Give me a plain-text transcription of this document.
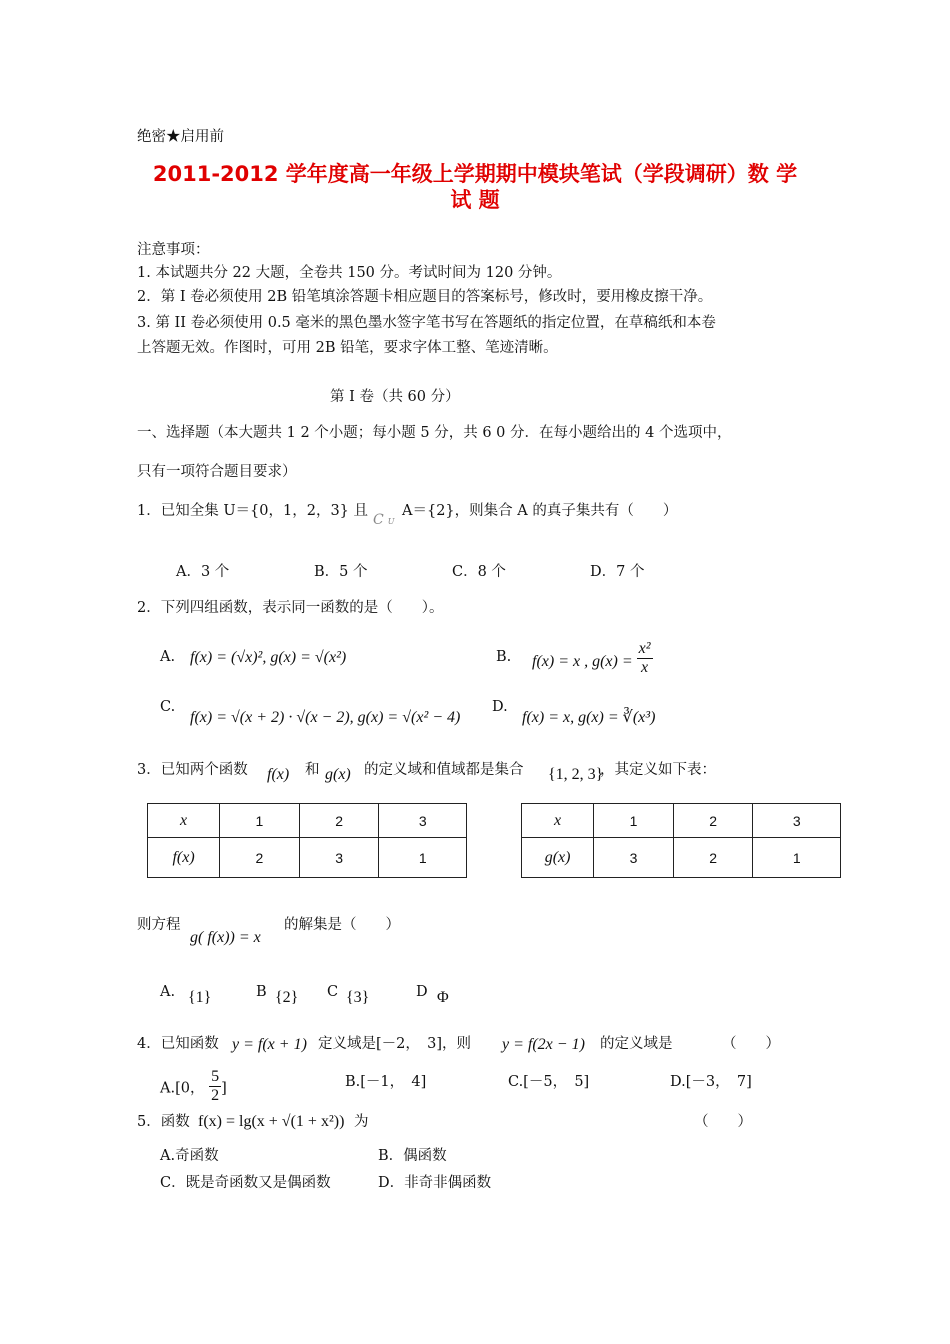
绝密★启用前
2011-2012 学年度高一年级上学期期中模块笔试（学段调研）数 学
试 题
注意事项：
1. 本试题共分 22 大题，全卷共 150 分。考试时间为 120 分钟。
2．第 I 卷必须使用 2B 铅笔填涂答题卡相应题目的答案标号，修改时，要用橡皮擦干净。
3. 第 II 卷必须使用 0.5 毫米的黑色墨水签字笔书写在答题纸的指定位置，在草稿纸和本卷
上答题无效。作图时，可用 2B 铅笔，要求字体工整、笔迹清晰。
第 I 卷（共 60 分）
一、选择题（本大题共 1 2 个小题；每小题 5 分，共 6 0 分．在每小题给出的 4 个选项中，
只有一项符合题目要求）
1．已知全集 U＝{0，1，2，3} 且
C U
A＝{2}，则集合 A 的真子集共有（　　）
A．3 个	B．5 个	C．8 个	D．7 个
2．下列四组函数，表示同一函数的是（　　）。
A. f(x) = (√x)², g(x) = √(x²)	B. f(x) = x , $g(x) = \frac{\text{x²}}{x}$
C.
f(x) = √(x + 2) · √(x − 2), g(x) = √(x² − 4)
D.
f(x) = x, g(x) = ∛(x³)
3．已知两个函数 f(x) 和 g(x) 的定义域和值域都是集合 {1, 2, 3}
，其定义如下表：
x	1	2	3
f(x)	2	3	1
x	1	2	3
g(x)	3	2	1
则方程
g( f(x)) = x
的解集是（　　）
A. {1}	B {2} C {3}	D Φ
4．已知函数 y = f(x + 1) 定义域是[－2，　3]，则 y = f(2x − 1) 的定义域是	（　　）
A.[0， $\frac{5}{2}$ ]	B.[－1，　4]	C.[－5，　5]	D.[－3，　7]
5．函数 f(x) = lg(x + √(1 + x²)) 为	（　　）
A.奇函数	B．偶函数
C．既是奇函数又是偶函数	D．非奇非偶函数
